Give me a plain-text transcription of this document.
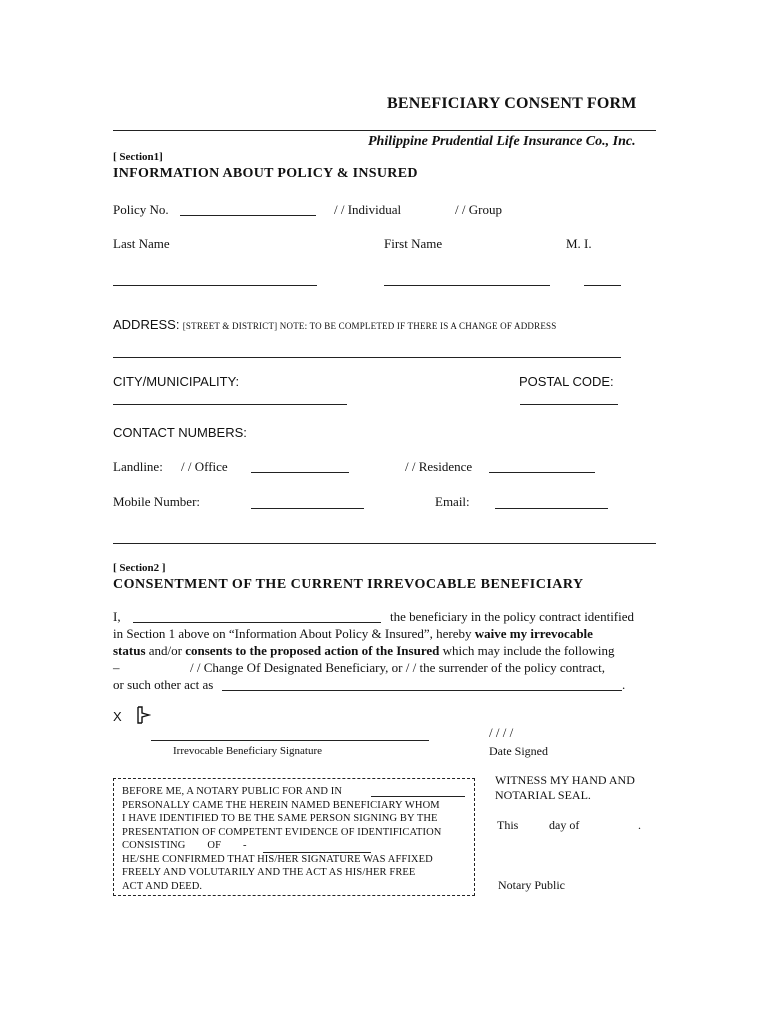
BENEFICIARY CONSENT FORM
Philippine Prudential Life Insurance Co., Inc.
[ Section1]
INFORMATION ABOUT POLICY & INSURED
Policy No.	/ / Individual	/ / Group
Last Name	First Name	M. I.
ADDRESS: [STREET & DISTRICT] NOTE: TO BE COMPLETED IF THERE IS A CHANGE OF ADDRESS
CITY/MUNICIPALITY:	POSTAL CODE:
CONTACT NUMBERS:
Landline: / / Office	/ / Residence
Mobile Number:	Email:
[ Section2 ]
CONSENTMENT OF THE CURRENT IRREVOCABLE BENEFICIARY
I,	the beneficiary in the policy contract identified
in Section 1 above on “Information About Policy & Insured”, hereby waive my irrevocable
status and/or consents to the proposed action of the Insured which may include the following
–	/ / Change Of Designated Beneficiary, or / / the surrender of the policy contract,
or such other act as	.
X
Irrevocable Beneficiary Signature
/ / / /
Date Signed
BEFORE ME, A NOTARY PUBLIC FOR AND IN
PERSONALLY CAME THE HEREIN NAMED BENEFICIARY WHOM
I HAVE IDENTIFIED TO BE THE SAME PERSON SIGNING BY THE
PRESENTATION OF COMPETENT EVIDENCE OF IDENTIFICATION
CONSISTING OF -
HE/SHE CONFIRMED THAT HIS/HER SIGNATURE WAS AFFIXED
FREELY AND VOLUTARILY AND THE ACT AS HIS/HER FREE
ACT AND DEED.
WITNESS MY HAND AND
NOTARIAL SEAL.
This	day of	.
Notary Public
